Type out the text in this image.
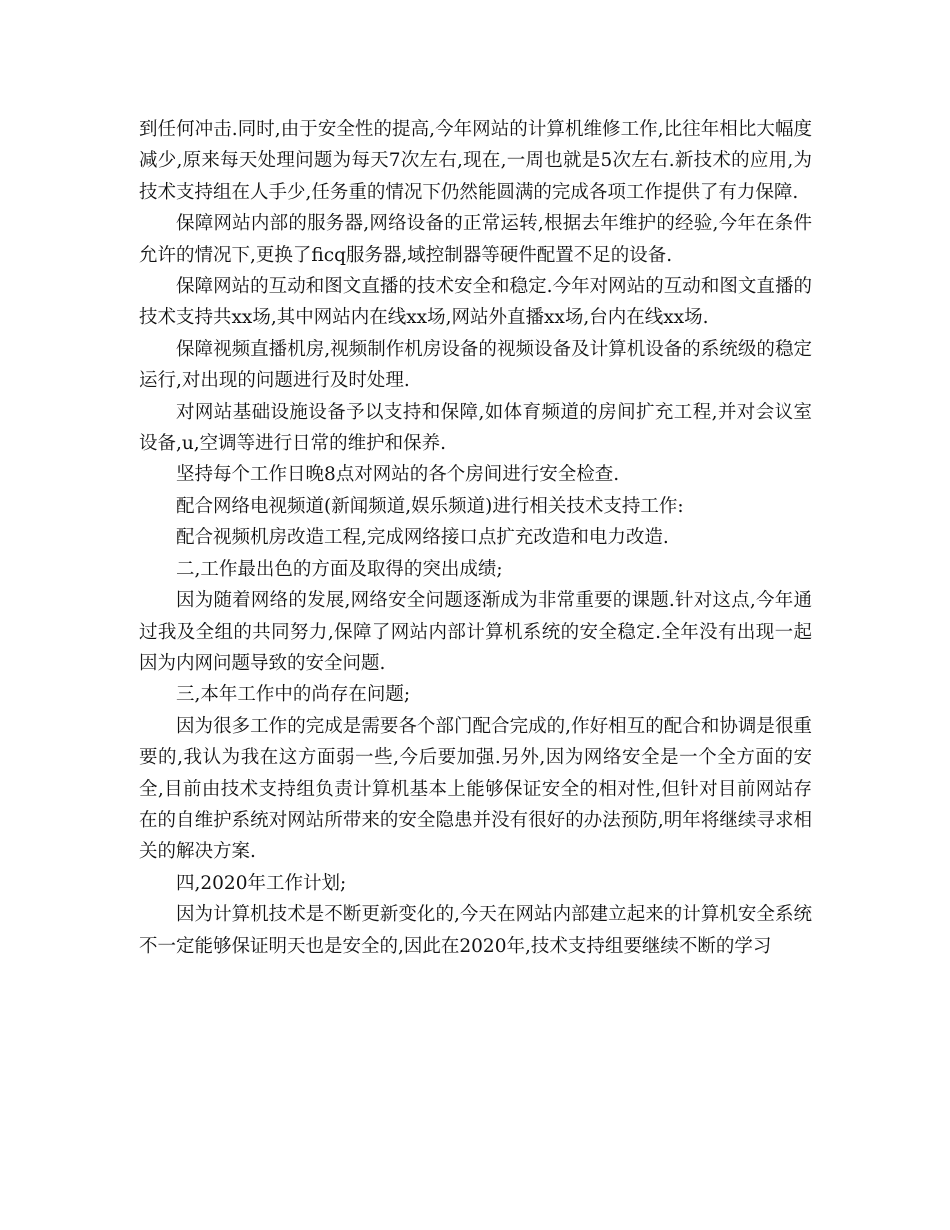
到任何冲击.同时,由于安全性的提高,今年网站的计算机维修工作,比往年相比大幅度减少,原来每天处理问题为每天7次左右,现在,一周也就是5次左右.新技术的应用,为技术支持组在人手少,任务重的情况下仍然能圆满的完成各项工作提供了有力保障.

保障网站内部的服务器,网络设备的正常运转,根据去年维护的经验,今年在条件允许的情况下,更换了ficq服务器,域控制器等硬件配置不足的设备.

保障网站的互动和图文直播的技术安全和稳定.今年对网站的互动和图文直播的技术支持共xx场,其中网站内在线xx场,网站外直播xx场,台内在线xx场.

保障视频直播机房,视频制作机房设备的视频设备及计算机设备的系统级的稳定运行,对出现的问题进行及时处理.

对网站基础设施设备予以支持和保障,如体育频道的房间扩充工程,并对会议室设备,u,空调等进行日常的维护和保养.

坚持每个工作日晚8点对网站的各个房间进行安全检查.

配合网络电视频道(新闻频道,娱乐频道)进行相关技术支持工作:

配合视频机房改造工程,完成网络接口点扩充改造和电力改造.

二,工作最出色的方面及取得的突出成绩;

因为随着网络的发展,网络安全问题逐渐成为非常重要的课题.针对这点,今年通过我及全组的共同努力,保障了网站内部计算机系统的安全稳定.全年没有出现一起因为内网问题导致的安全问题.

三,本年工作中的尚存在问题;

因为很多工作的完成是需要各个部门配合完成的,作好相互的配合和协调是很重要的,我认为我在这方面弱一些,今后要加强.另外,因为网络安全是一个全方面的安全,目前由技术支持组负责计算机基本上能够保证安全的相对性,但针对目前网站存在的自维护系统对网站所带来的安全隐患并没有很好的办法预防,明年将继续寻求相关的解决方案.

四,2020年工作计划;

因为计算机技术是不断更新变化的,今天在网站内部建立起来的计算机安全系统不一定能够保证明天也是安全的,因此在2020年,技术支持组要继续不断的学习
